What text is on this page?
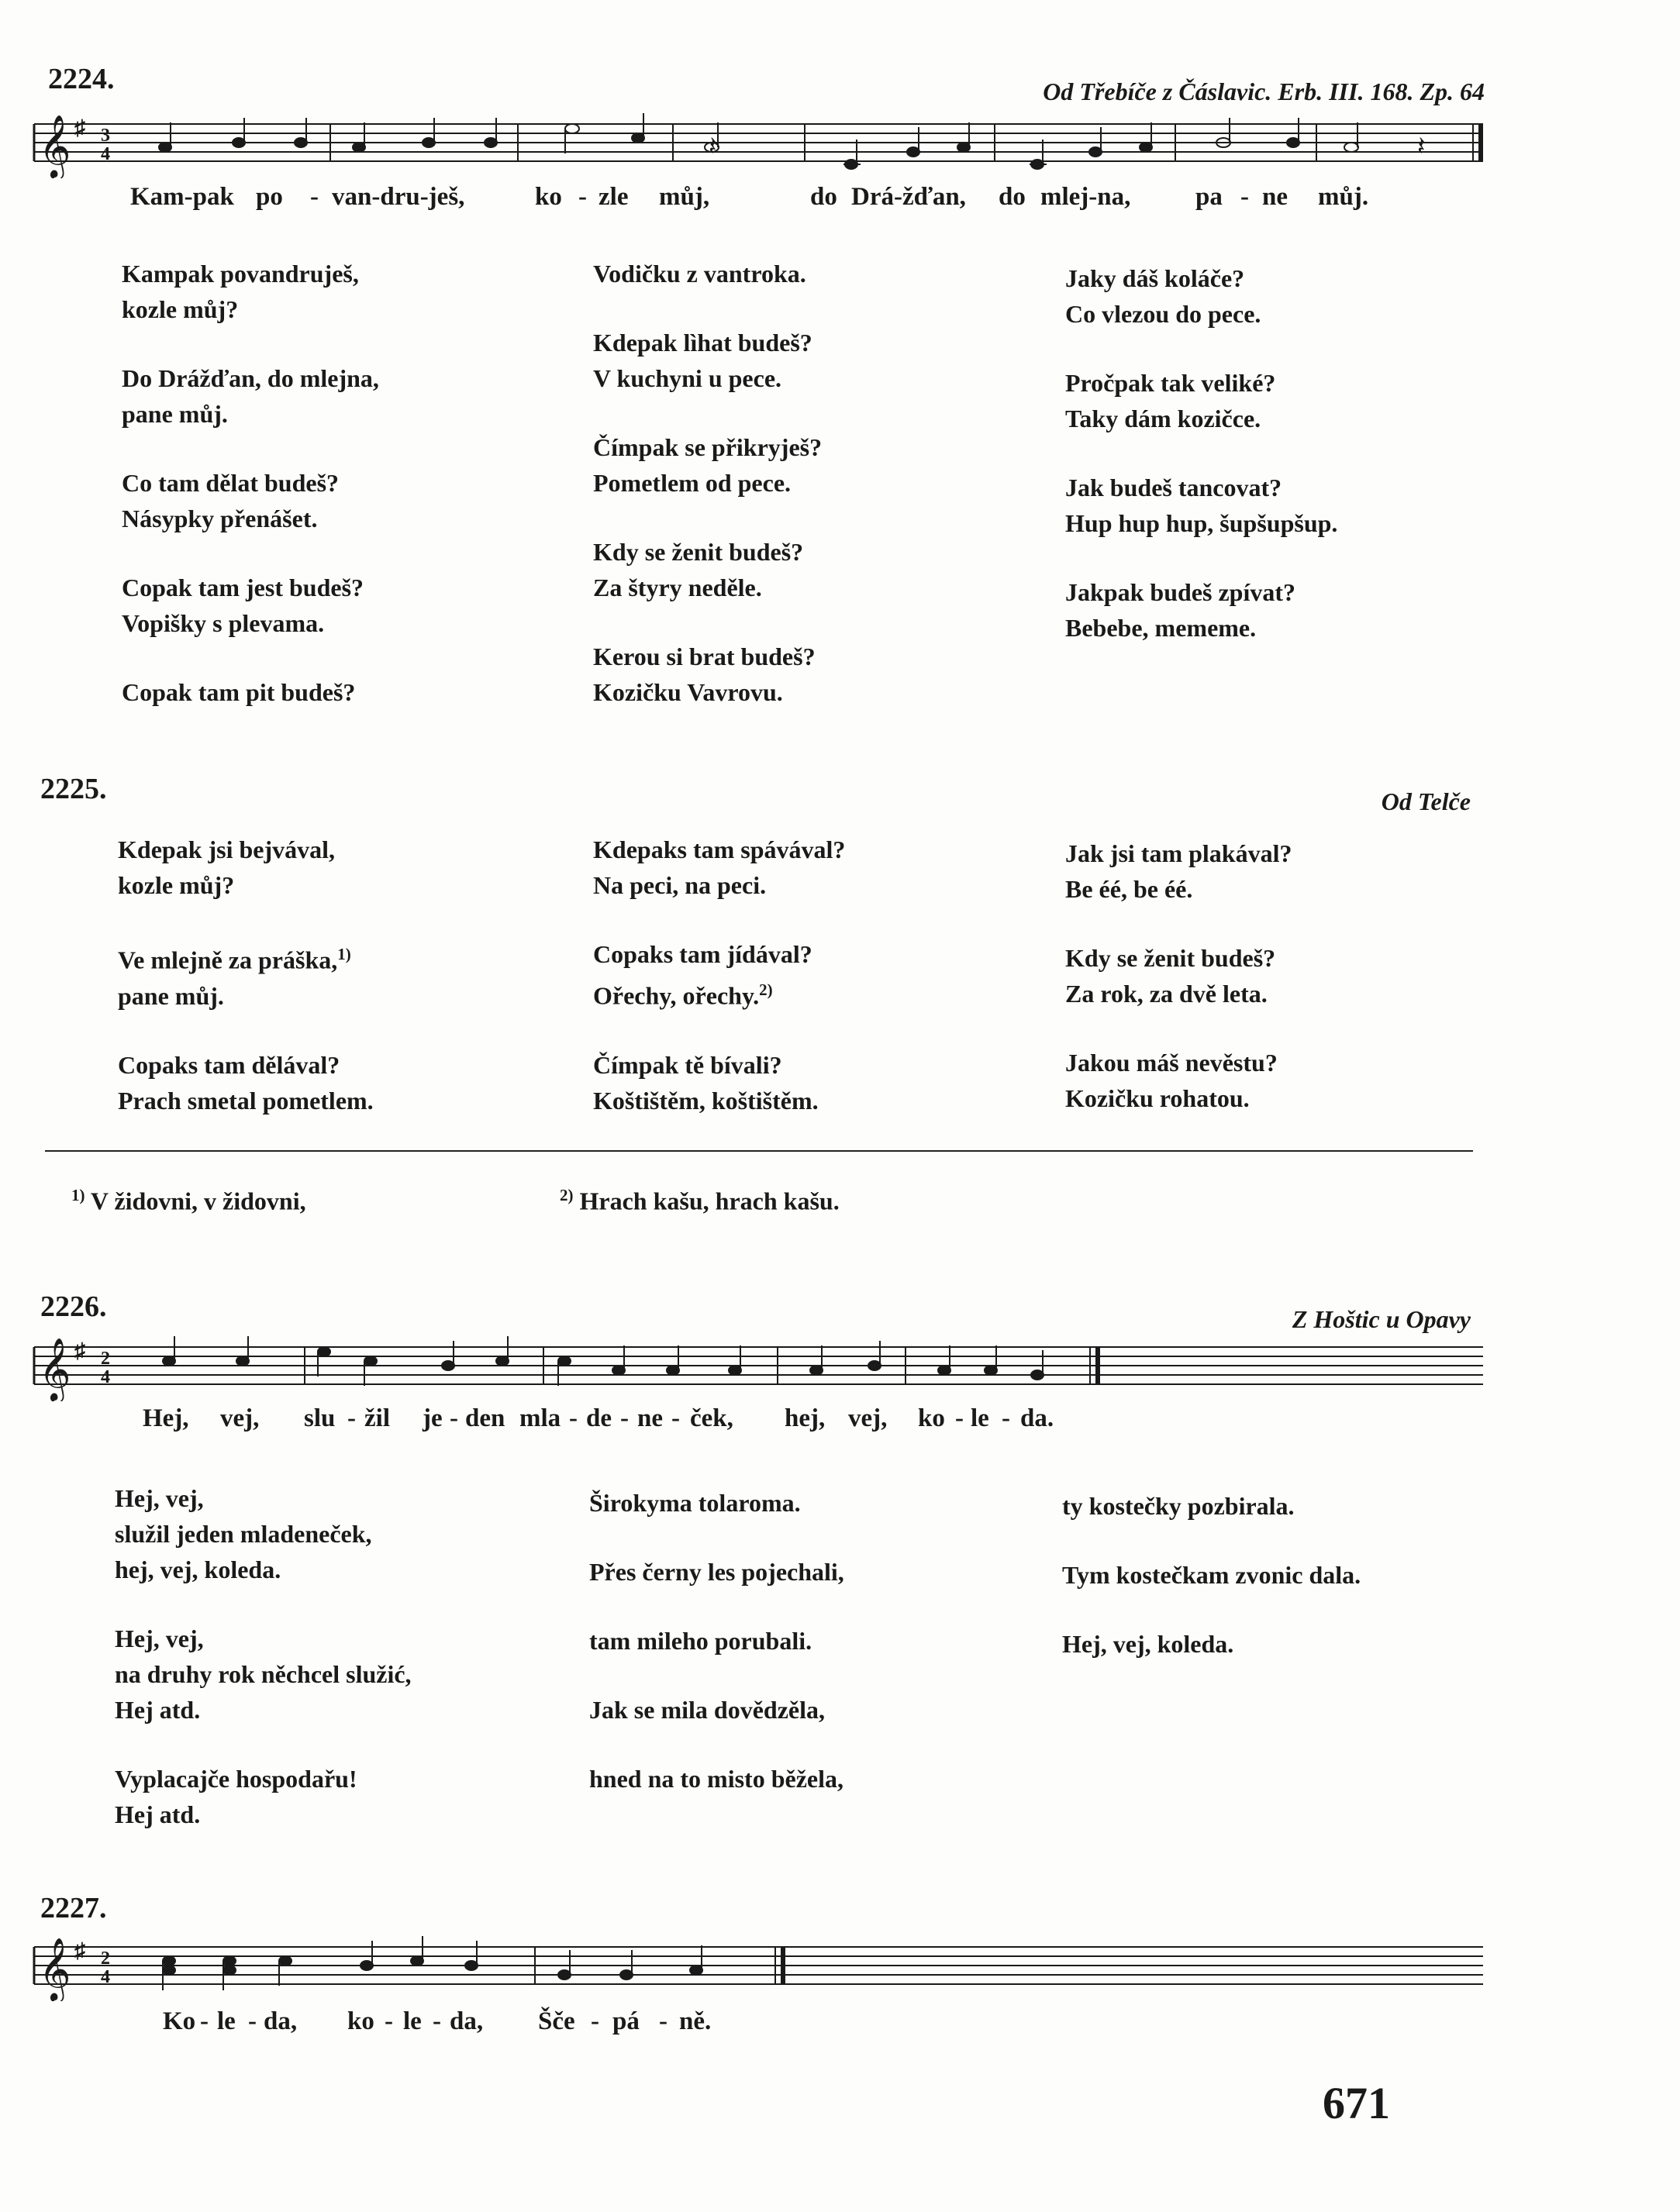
2224.	Od Třebíče z Čáslavic. Erb. III. 168. Zp. 64
𝄞 ♯ 3
4	𝄽	𝄽
Kam-pak po - van-dru-ješ,	ko - zle můj,	do Drá-žďan, do mlej-na,	pa - ne můj.
Kampak povandruješ,
kozle můj?
Do Drážďan, do mlejna,
pane můj.
Co tam dělat budeš?
Násypky přenášet.
Copak tam jest budeš?
Vopišky s plevama.
Copak tam pit budeš?
Vodičku z vantroka.
Kdepak lìhat budeš?
V kuchyni u pece.
Čímpak se přikryješ?
Pometlem od pece.
Kdy se ženit budeš?
Za štyry neděle.
Kerou si brat budeš?
Kozičku Vavrovu.
Jaky dáš koláče?
Co vlezou do pece.
Pročpak tak veliké?
Taky dám kozičce.
Jak budeš tancovat?
Hup hup hup, šupšupšup.
Jakpak budeš zpívat?
Bebebe, mememe.
2225.	Od Telče
Kdepak jsi bejvával,
kozle můj?
Ve mlejně za práška,$^{1)}$
pane můj.
Copaks tam dělával?
Prach smetal pometlem.
Kdepaks tam spávával?
Na peci, na peci.
Copaks tam jídával?
Ořechy, ořechy.$^{2)}$
Čímpak tě bívali?
Koštištěm, koštištěm.
Jak jsi tam plakával?
Be éé, be éé.
Kdy se ženit budeš?
Za rok, za dvě leta.
Jakou máš nevěstu?
Kozičku rohatou.
$^{1)}$ V židovni, v židovni,	$^{2)}$ Hrach kašu, hrach kašu.
2226.	Z Hoštic u Opavy
𝄞 ♯ 2
4
Hej, vej, slu - žil je - den mla - de - ne - ček, hej, vej, ko - le - da.
Hej, vej,
služil jeden mladeneček,
hej, vej, koleda.
Hej, vej,
na druhy rok něchcel služić,
Hej atd.
Vyplacajče hospodařu!
Hej atd.
Širokyma tolaroma.
Přes černy les pojechali,
tam mileho porubali.
Jak se mila dovědzěla,
hned na to misto běžela,
ty kostečky pozbirala.
Tym kostečkam zvonic dala.
Hej, vej, koleda.
2227.
𝄞 ♯ 2
4
Ko - le - da, ko - le - da, Šče - pá - ně.
671
